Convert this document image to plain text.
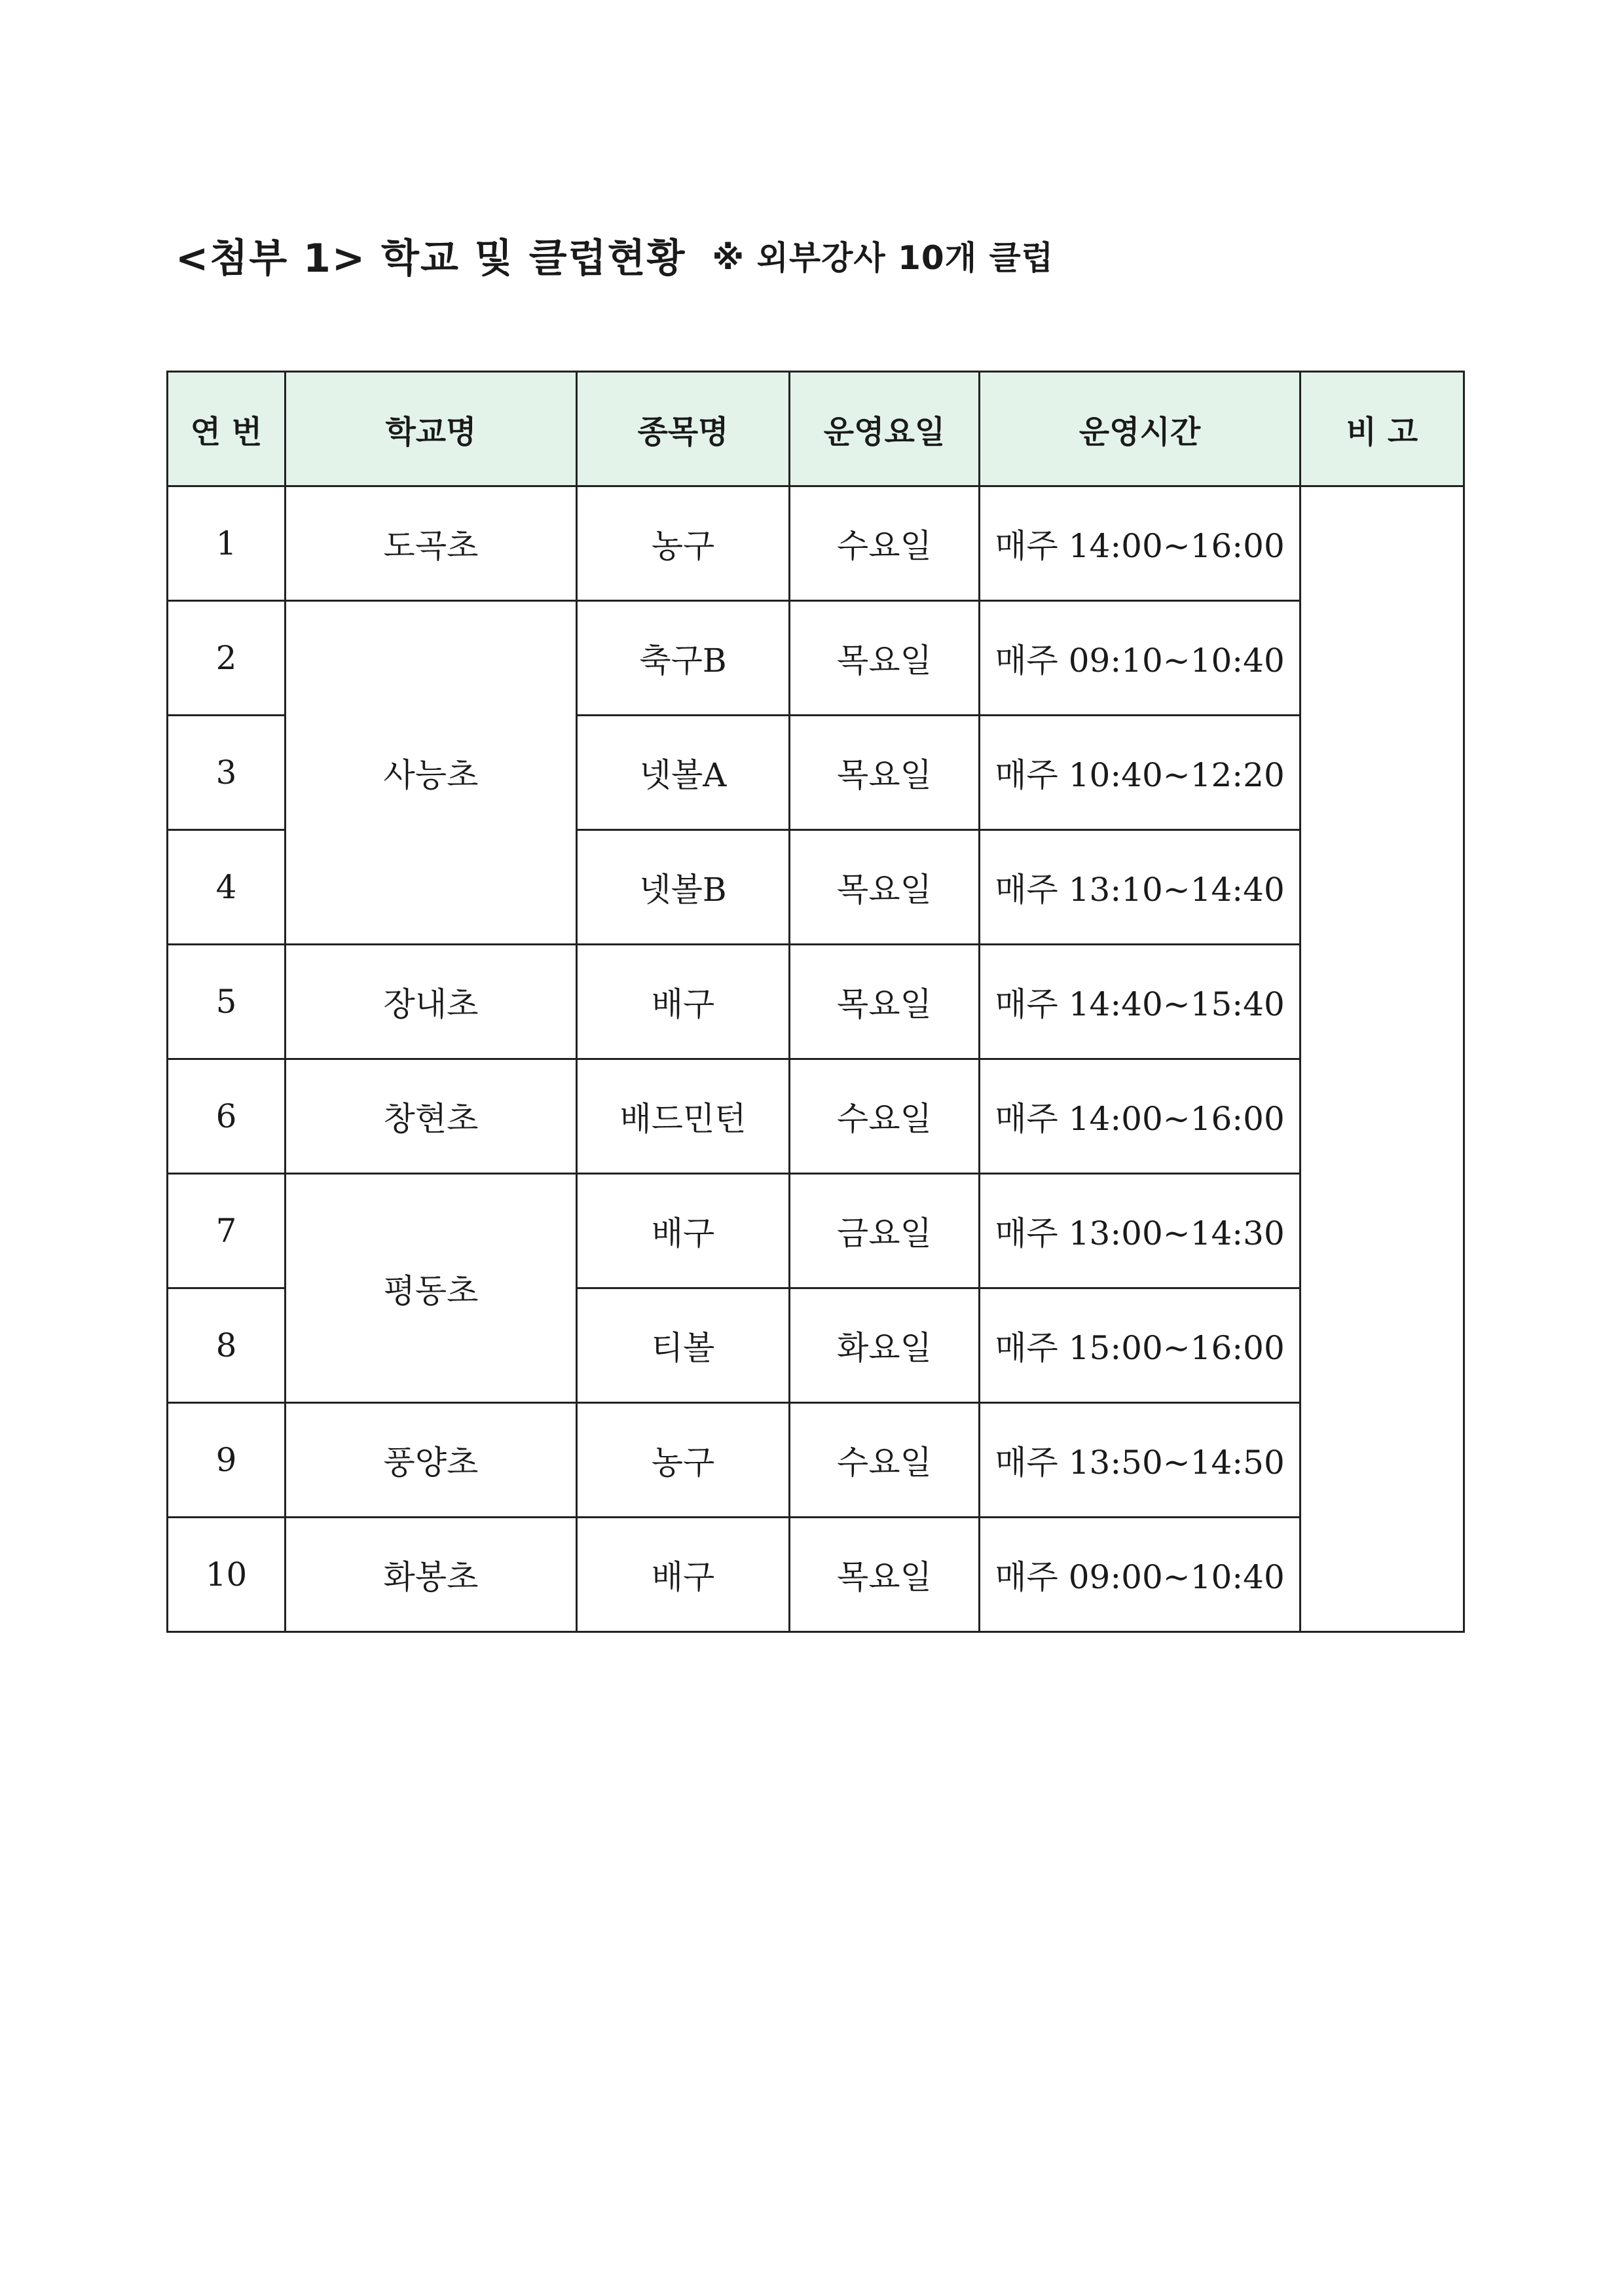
<첨부 1> 학교 및 클럽현황 ※ 외부강사 10개 클럽
연 번	학교명	종목명	운영요일	운영시간	비 고
1	도곡초	농구	수요일	매주 14:00~16:00	
2	사능초	축구B	목요일	매주 09:10~10:40	
3		넷볼A	목요일	매주 10:40~12:20	
4		넷볼B	목요일	매주 13:10~14:40	
5	장내초	배구	목요일	매주 14:40~15:40	
6	창현초	배드민턴	수요일	매주 14:00~16:00	
7	평동초	배구	금요일	매주 13:00~14:30	
8		티볼	화요일	매주 15:00~16:00	
9	풍양초	농구	수요일	매주 13:50~14:50	
10	화봉초	배구	목요일	매주 09:00~10:40	
